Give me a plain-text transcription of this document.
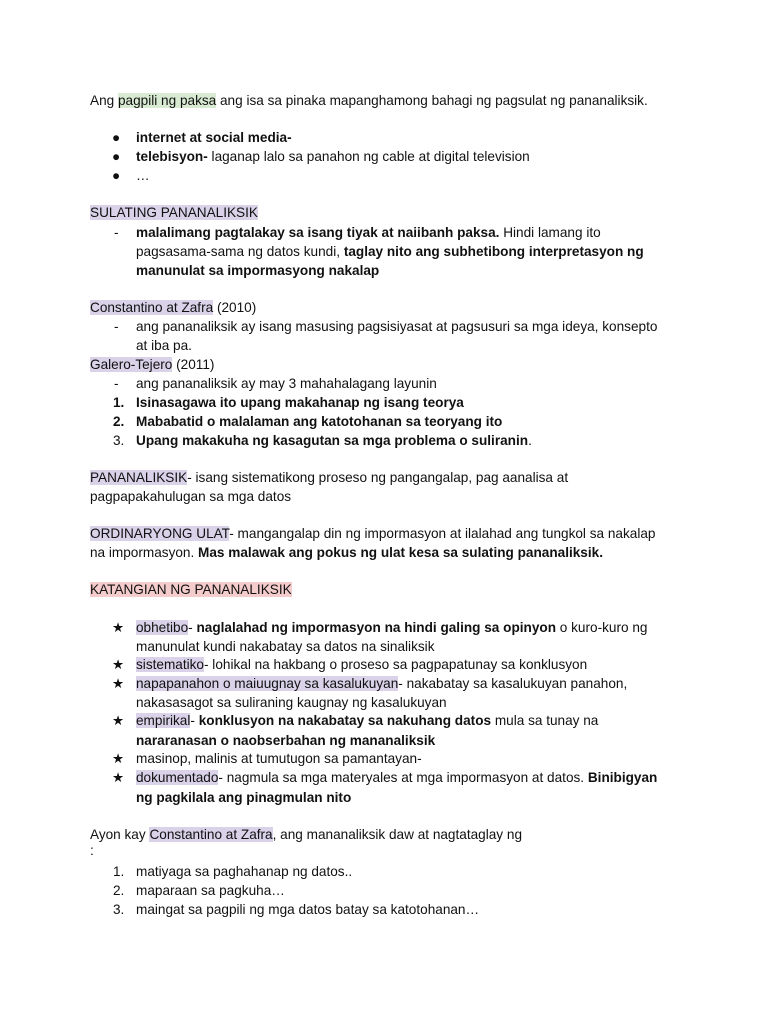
Ang pagpili ng paksa ang isa sa pinaka mapanghamong bahagi ng pagsulat ng pananaliksik.
● internet at social media-
● telebisyon- laganap lalo sa panahon ng cable at digital television
● …
SULATING PANANALIKSIK
- malalimang pagtalakay sa isang tiyak at naiibanh paksa. Hindi lamang ito
pagsasama-sama ng datos kundi, taglay nito ang subhetibong interpretasyon ng
manunulat sa impormasyong nakalap
Constantino at Zafra (2010)
- ang pananaliksik ay isang masusing pagsisiyasat at pagsusuri sa mga ideya, konsepto
at iba pa.
Galero-Tejero (2011)
- ang pananaliksik ay may 3 mahahalagang layunin
1. Isinasagawa ito upang makahanap ng isang teorya
2. Mababatid o malalaman ang katotohanan sa teoryang ito
3. Upang makakuha ng kasagutan sa mga problema o suliranin.
PANANALIKSIK- isang sistematikong proseso ng pangangalap, pag aanalisa at
pagpapakahulugan sa mga datos
ORDINARYONG ULAT- mangangalap din ng impormasyon at ilalahad ang tungkol sa nakalap
na impormasyon. Mas malawak ang pokus ng ulat kesa sa sulating pananaliksik.
KATANGIAN NG PANANALIKSIK
★ obhetibo- naglalahad ng impormasyon na hindi galing sa opinyon o kuro-kuro ng
manunulat kundi nakabatay sa datos na sinaliksik
★ sistematiko- lohikal na hakbang o proseso sa pagpapatunay sa konklusyon
★ napapanahon o maiuugnay sa kasalukuyan- nakabatay sa kasalukuyan panahon,
nakasasagot sa suliraning kaugnay ng kasalukuyan
★ empirikal- konklusyon na nakabatay sa nakuhang datos mula sa tunay na
nararanasan o naobserbahan ng mananaliksik
★ masinop, malinis at tumutugon sa pamantayan-
★ dokumentado- nagmula sa mga materyales at mga impormasyon at datos. Binibigyan
ng pagkilala ang pinagmulan nito
Ayon kay Constantino at Zafra, ang mananaliksik daw at nagtataglay ng
:
1. matiyaga sa paghahanap ng datos..
2. maparaan sa pagkuha…
3. maingat sa pagpili ng mga datos batay sa katotohanan…
